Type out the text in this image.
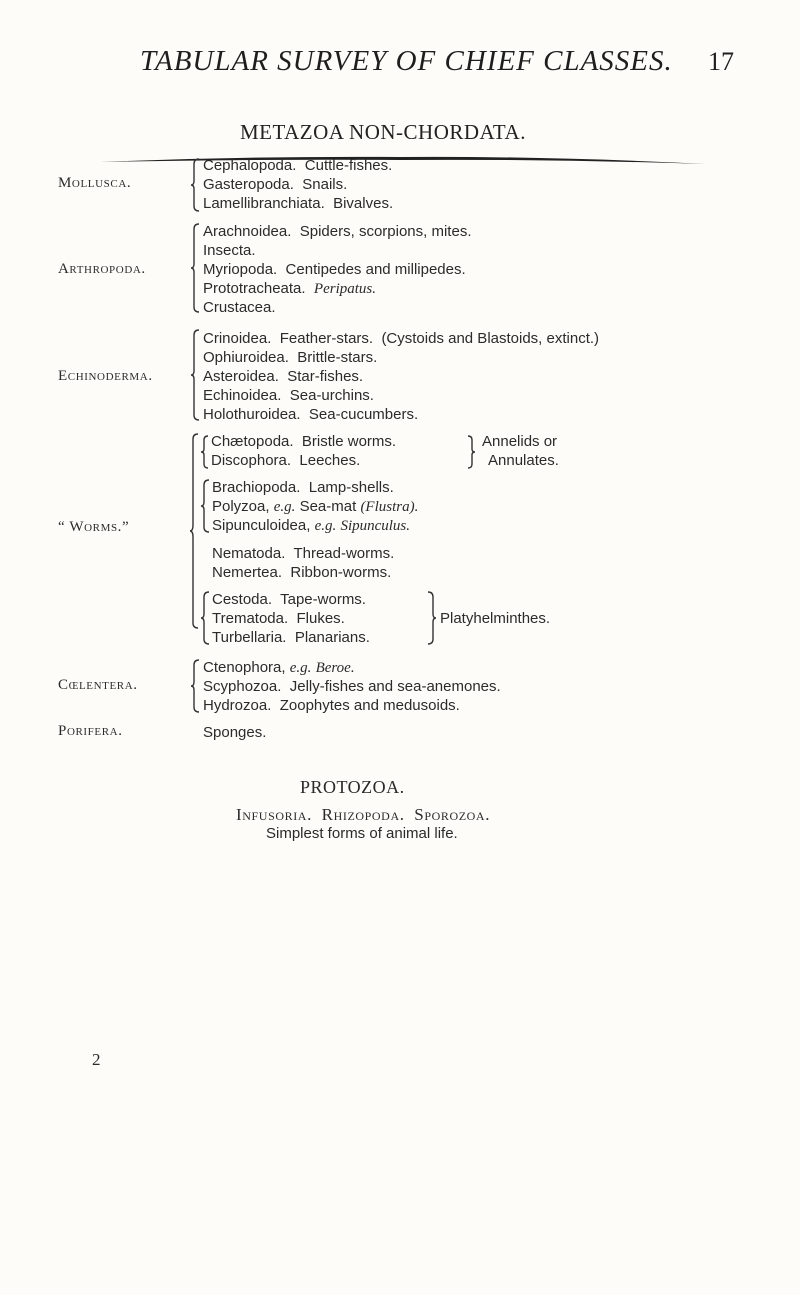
TABULAR SURVEY OF CHIEF CLASSES. 17
METAZOA NON-CHORDATA.
Mollusca.
Cephalopoda. Cuttle-fishes.
Gasteropoda. Snails.
Lamellibranchiata. Bivalves.
Arthropoda.
Arachnoidea. Spiders, scorpions, mites.
Insecta.
Myriopoda. Centipedes and millipedes.
Prototracheata. Peripatus.
Crustacea.
Echinoderma.
Crinoidea. Feather-stars. (Cystoids and Blastoids, extinct.)
Ophiuroidea. Brittle-stars.
Asteroidea. Star-fishes.
Echinoidea. Sea-urchins.
Holothuroidea. Sea-cucumbers.
“ Worms.”
Chætopoda. Bristle worms.
Discophora. Leeches.
Annelids or
Annulates.
Brachiopoda. Lamp-shells.
Polyzoa, e.g. Sea-mat (Flustra).
Sipunculoidea, e.g. Sipunculus.
Nematoda. Thread-worms.
Nemertea. Ribbon-worms.
Cestoda. Tape-worms.
Trematoda. Flukes.
Turbellaria. Planarians.
Platyhelminthes.
Cœlentera.
Ctenophora, e.g. Beroe.
Scyphozoa. Jelly-fishes and sea-anemones.
Hydrozoa. Zoophytes and medusoids.
Porifera.	Sponges.
PROTOZOA.
Infusoria. Rhizopoda. Sporozoa.
Simplest forms of animal life.
2
